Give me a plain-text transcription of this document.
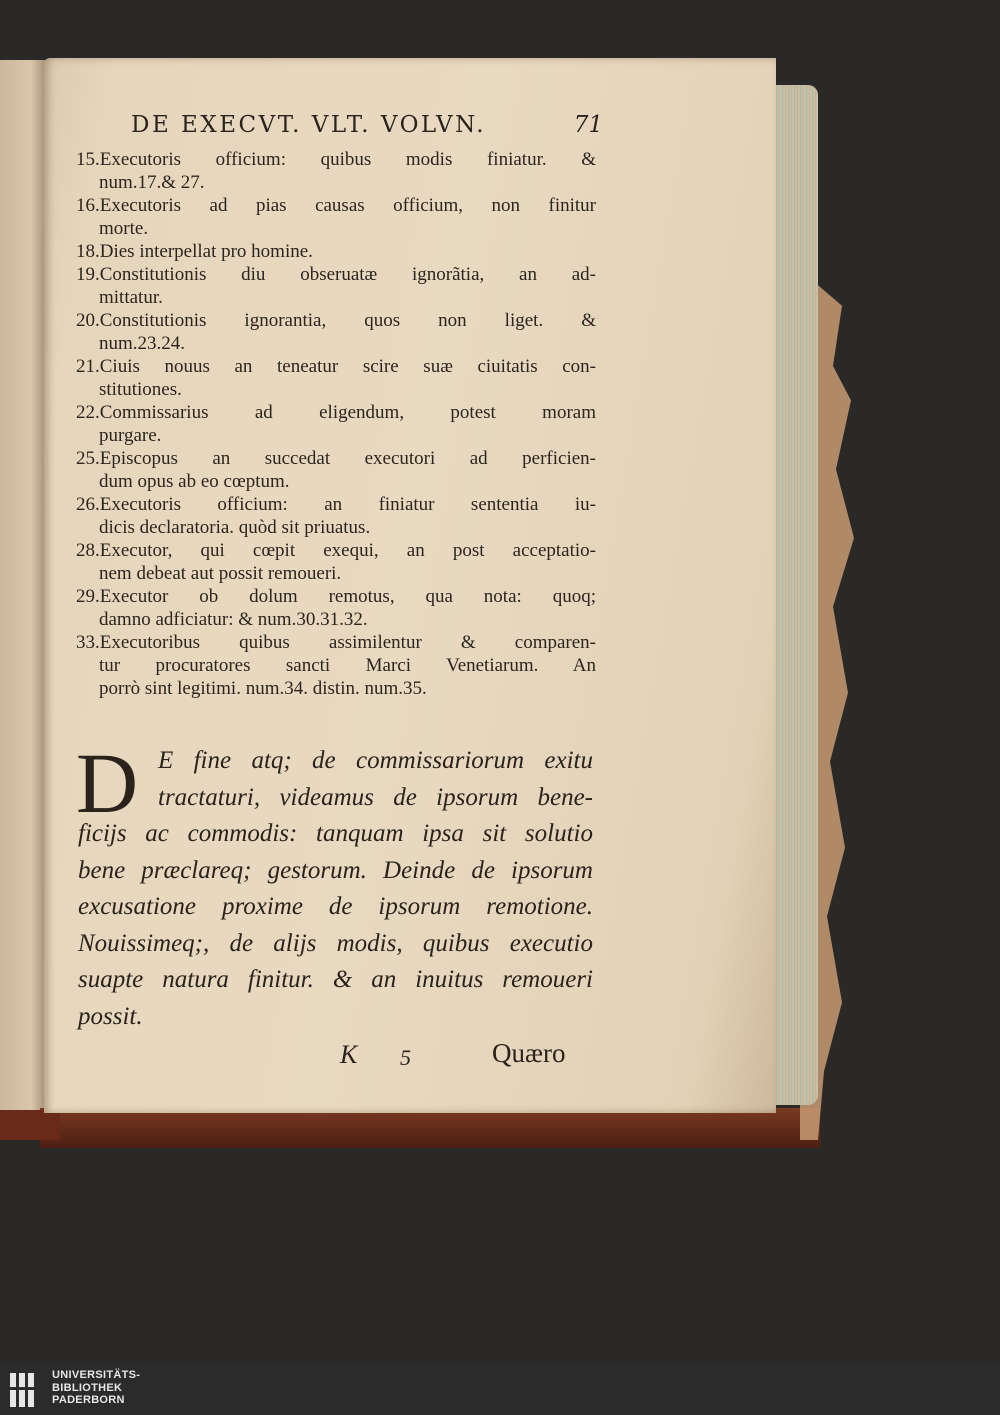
DE EXECVT. VLT. VOLVN.	71
15.Executoris officium: quibus modis finiatur. &
num.17.& 27.
16.Executoris ad pias causas officium, non finitur
morte.
18.Dies interpellat pro homine.
19.Constitutionis diu obseruatæ ignorãtia, an ad-
mittatur.
20.Constitutionis ignorantia, quos non liget. &
num.23.24.
21.Ciuis nouus an teneatur scire suæ ciuitatis con-
stitutiones.
22.Commissarius ad eligendum, potest moram
purgare.
25.Episcopus an succedat executori ad perficien-
dum opus ab eo cœptum.
26.Executoris officium: an finiatur sententia iu-
dicis declaratoria. quòd sit priuatus.
28.Executor, qui cœpit exequi, an post acceptatio-
nem debeat aut possit remoueri.
29.Executor ob dolum remotus, qua nota: quoq;
damno adficiatur: & num.30.31.32.
33.Executoribus quibus assimilentur & comparen-
tur procuratores sancti Marci Venetiarum. An
porrò sint legitimi. num.34. distin. num.35.
D E fine atq; de commissariorum exitu
tractaturi, videamus de ipsorum bene-
ficijs ac commodis: tanquam ipsa sit solutio
bene præclareq; gestorum. Deinde de ipsorum
excusatione proxime de ipsorum remotione.
Nouissimeq;, de alijs modis, quibus executio
suapte natura finitur. & an inuitus remoueri
possit.
K 5	Quæro
UNIVERSITÄTS-
BIBLIOTHEK
PADERBORN
